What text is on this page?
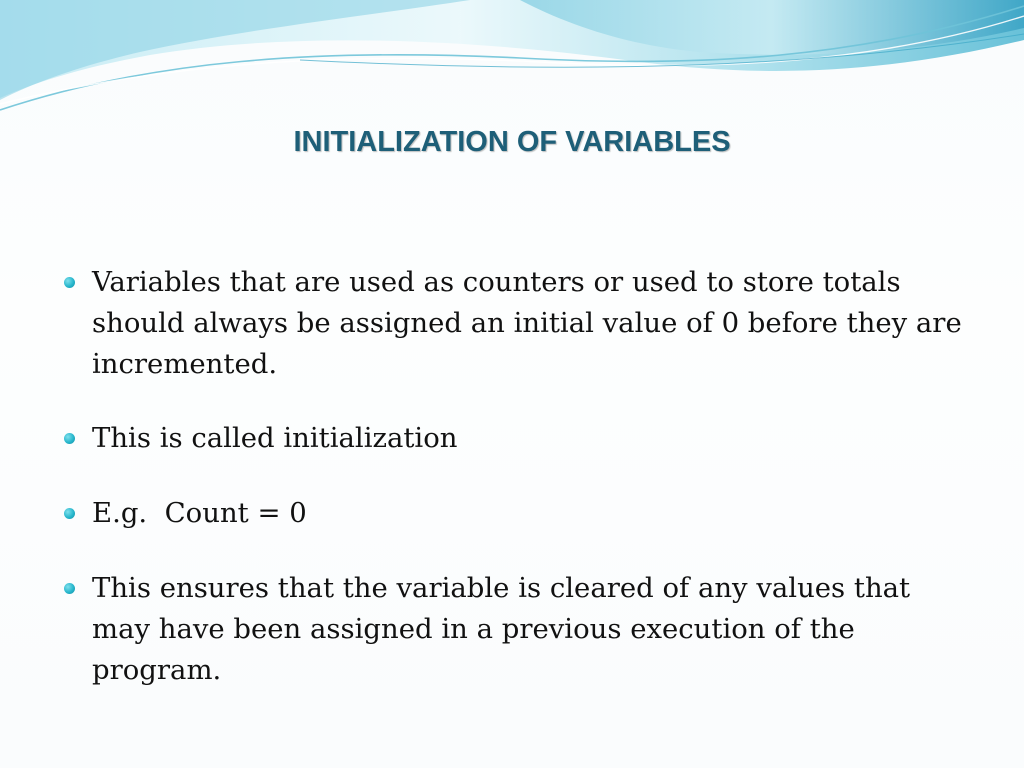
INITIALIZATION OF VARIABLES

Variables that are used as counters or used to store totals should always be assigned an initial value of 0 before they are incremented.

This is called initialization

E.g.  Count = 0

This ensures that the variable is cleared of any values that may have been assigned in a previous execution of the program.
